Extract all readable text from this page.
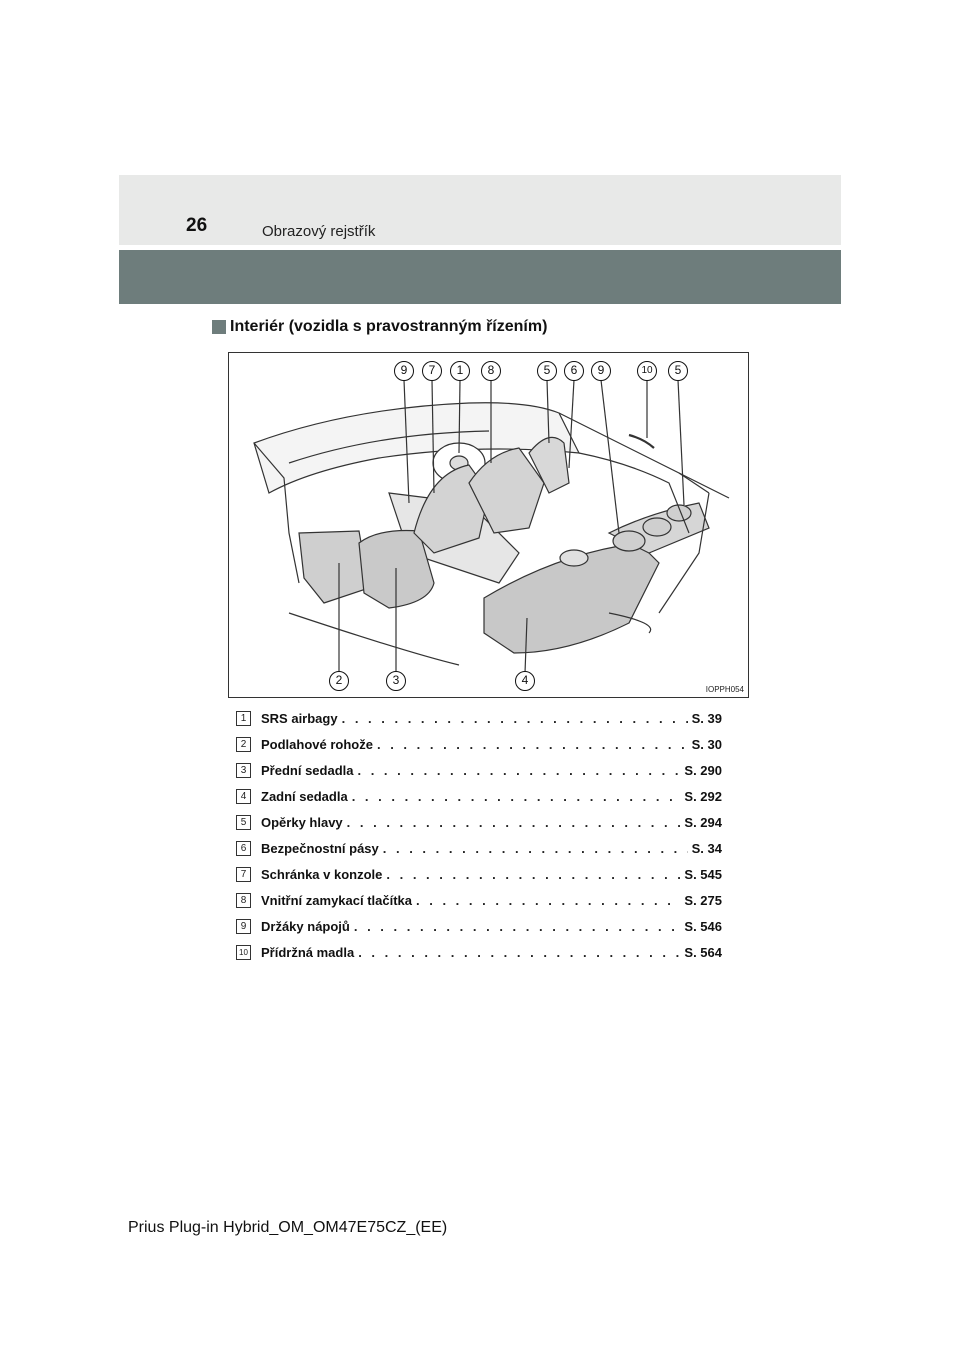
26	Obrazový rejstřík
Interiér (vozidla s pravostranným řízením)
9	7	1	8	5	6	9	10	5
2	3	4
IOPPH054
1	SRS airbagy . . .	S. 39
2	Podlahové rohože . . .	S. 30
3	Přední sedadla . . .	S. 290
4	Zadní sedadla . . .	S. 292
5	Opěrky hlavy . . .	S. 294
6	Bezpečnostní pásy . . .	S. 34
7	Schránka v konzole . . .	S. 545
8	Vnitřní zamykací tlačítka . . .	S. 275
9	Držáky nápojů . . .	S. 546
10 Přídržná madla . . .	S. 564
Prius Plug-in Hybrid_OM_OM47E75CZ_(EE)
